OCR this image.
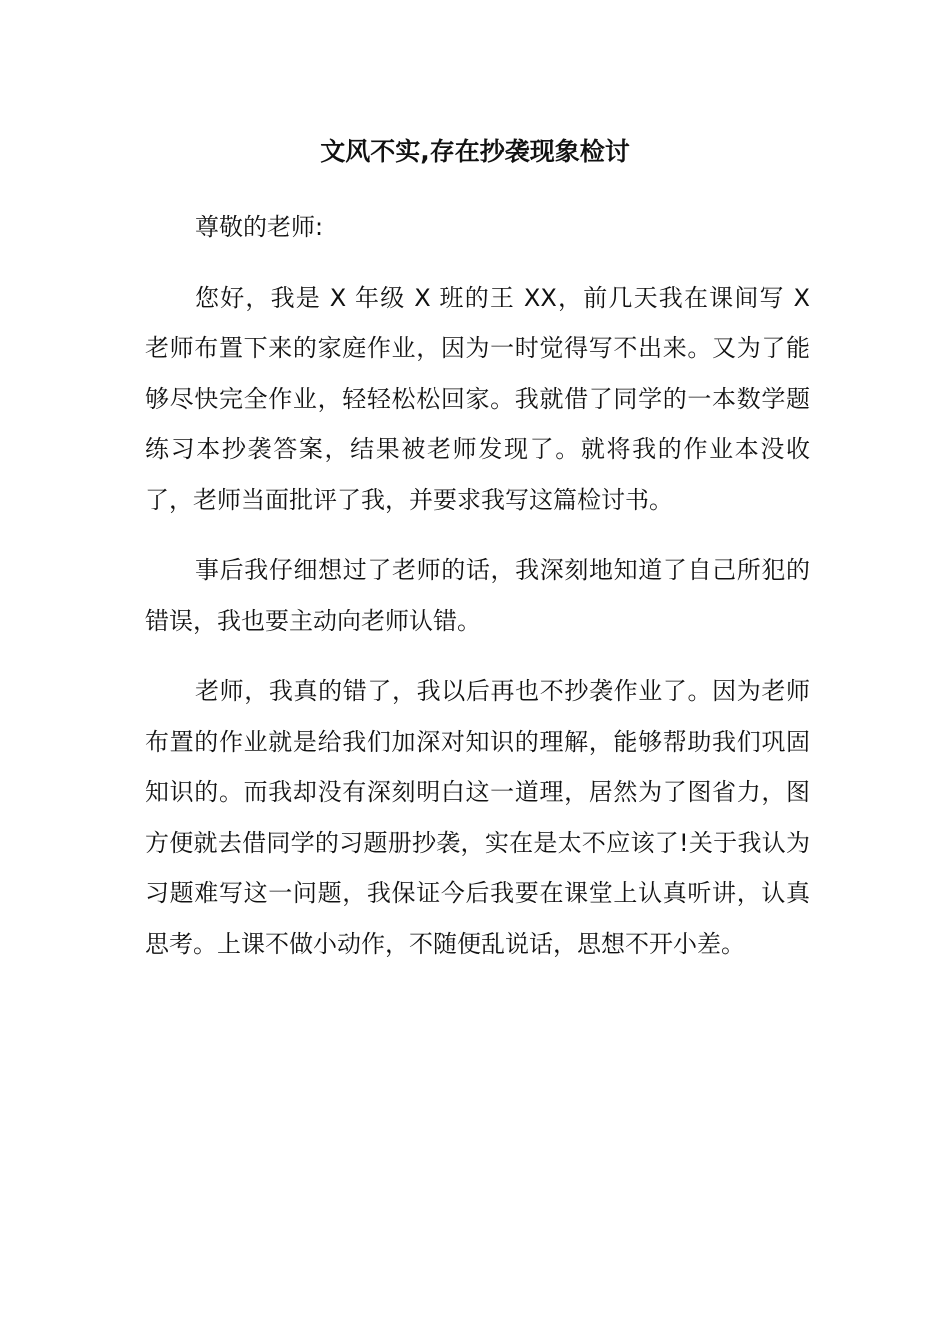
文风不实,存在抄袭现象检讨

尊敬的老师:

您好，我是 X 年级 X 班的王 XX，前几天我在课间写 X 老师布置下来的家庭作业，因为一时觉得写不出来。又为了能够尽快完全作业，轻轻松松回家。我就借了同学的一本数学题练习本抄袭答案，结果被老师发现了。就将我的作业本没收了，老师当面批评了我，并要求我写这篇检讨书。

事后我仔细想过了老师的话，我深刻地知道了自己所犯的错误，我也要主动向老师认错。

老师，我真的错了，我以后再也不抄袭作业了。因为老师布置的作业就是给我们加深对知识的理解，能够帮助我们巩固知识的。而我却没有深刻明白这一道理，居然为了图省力，图方便就去借同学的习题册抄袭，实在是太不应该了!关于我认为习题难写这一问题，我保证今后我要在课堂上认真听讲，认真思考。上课不做小动作，不随便乱说话，思想不开小差。
